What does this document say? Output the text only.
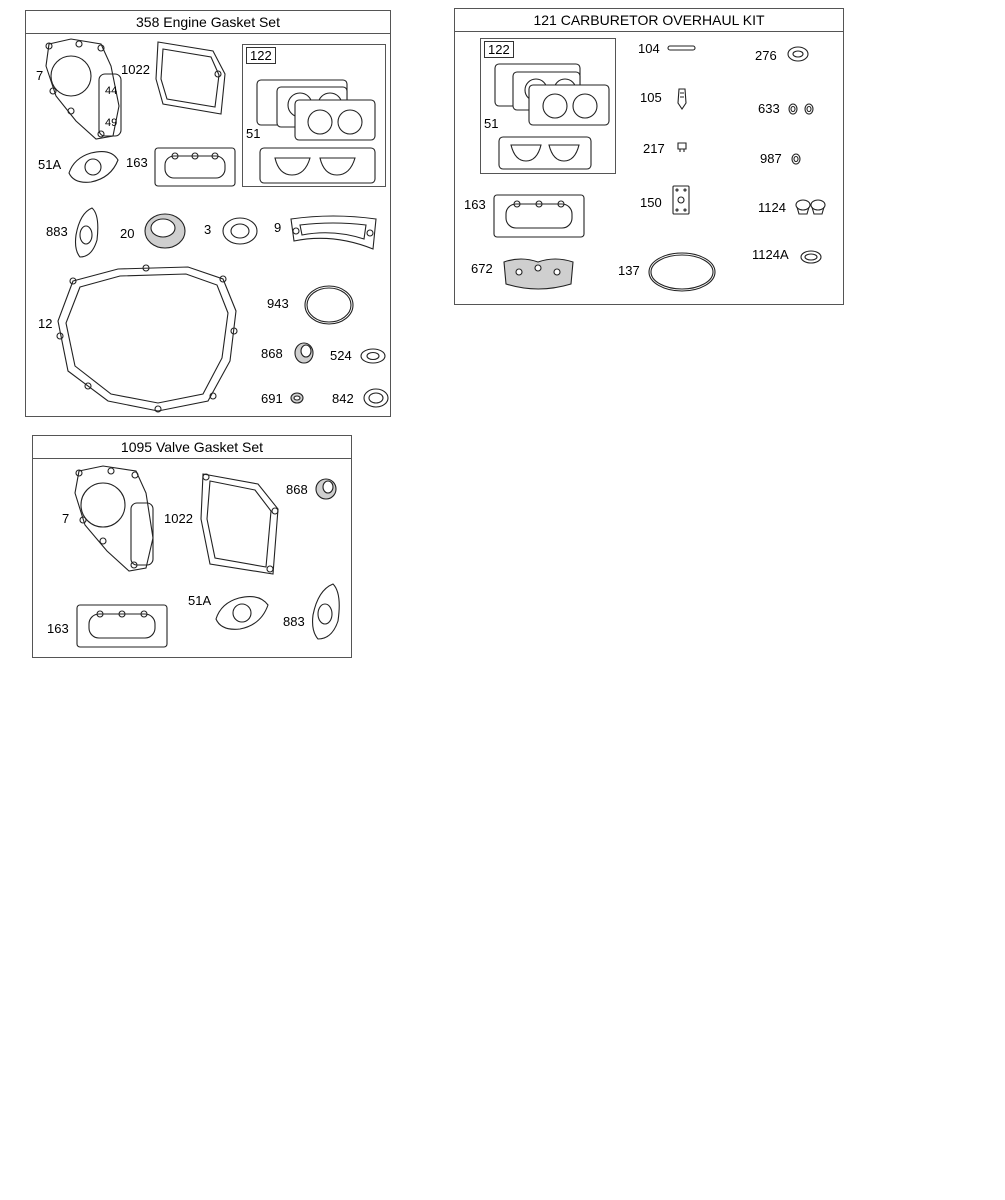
358 Engine Gasket Set
7
44
49
1022
122
51
51A	163
883	20	3	9
12
943
868	524
691	842
1095 Valve Gasket Set
7	1022
868
51A
163	883
121 CARBURETOR OVERHAUL KIT
122
51
104	276
105
633
217
987
163	150	1124
1124A
672	137
